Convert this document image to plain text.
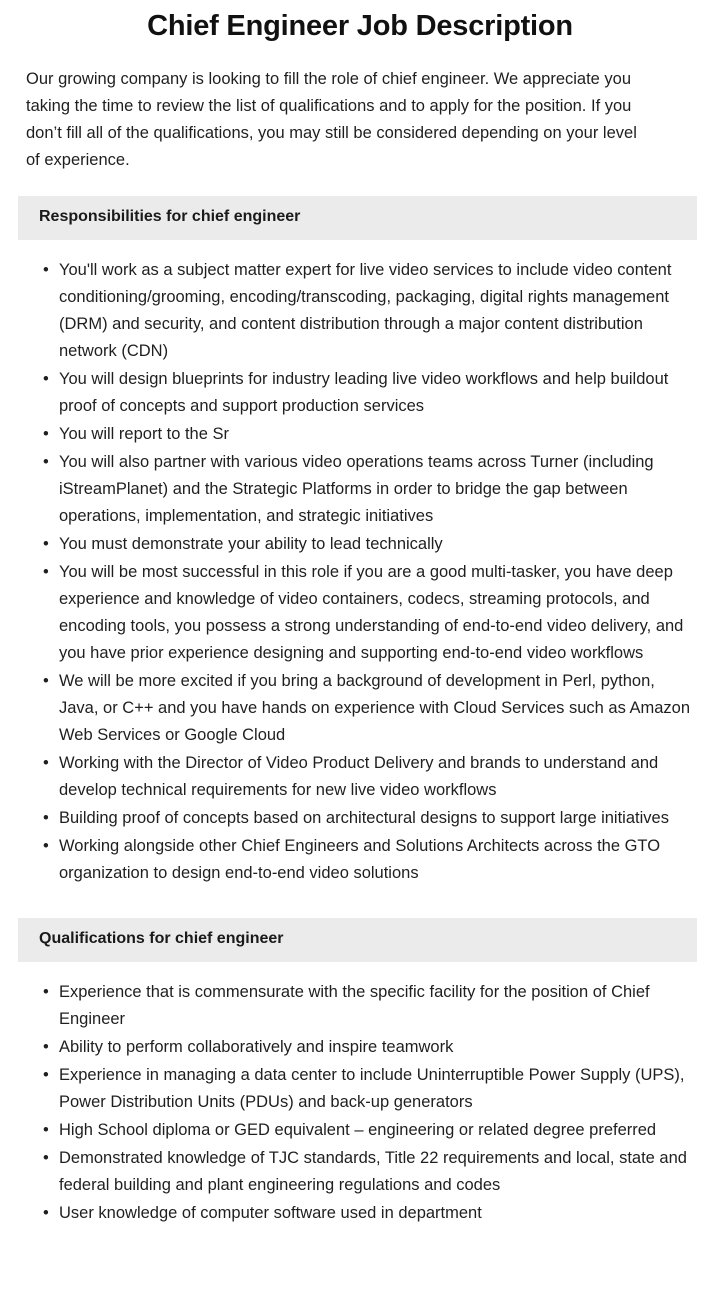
Chief Engineer Job Description

Our growing company is looking to fill the role of chief engineer. We appreciate you taking the time to review the list of qualifications and to apply for the position. If you don’t fill all of the qualifications, you may still be considered depending on your level of experience.

Responsibilities for chief engineer
• You'll work as a subject matter expert for live video services to include video content conditioning/grooming, encoding/transcoding, packaging, digital rights management (DRM) and security, and content distribution through a major content distribution network (CDN)
• You will design blueprints for industry leading live video workflows and help buildout proof of concepts and support production services
• You will report to the Sr
• You will also partner with various video operations teams across Turner (including iStreamPlanet) and the Strategic Platforms in order to bridge the gap between operations, implementation, and strategic initiatives
• You must demonstrate your ability to lead technically
• You will be most successful in this role if you are a good multi-tasker, you have deep experience and knowledge of video containers, codecs, streaming protocols, and encoding tools, you possess a strong understanding of end-to-end video delivery, and you have prior experience designing and supporting end-to-end video workflows
• We will be more excited if you bring a background of development in Perl, python, Java, or C++ and you have hands on experience with Cloud Services such as Amazon Web Services or Google Cloud
• Working with the Director of Video Product Delivery and brands to understand and develop technical requirements for new live video workflows
• Building proof of concepts based on architectural designs to support large initiatives
• Working alongside other Chief Engineers and Solutions Architects across the GTO organization to design end-to-end video solutions
Qualifications for chief engineer
• Experience that is commensurate with the specific facility for the position of Chief Engineer
• Ability to perform collaboratively and inspire teamwork
• Experience in managing a data center to include Uninterruptible Power Supply (UPS), Power Distribution Units (PDUs) and back-up generators
• High School diploma or GED equivalent – engineering or related degree preferred
• Demonstrated knowledge of TJC standards, Title 22 requirements and local, state and federal building and plant engineering regulations and codes
• User knowledge of computer software used in department
